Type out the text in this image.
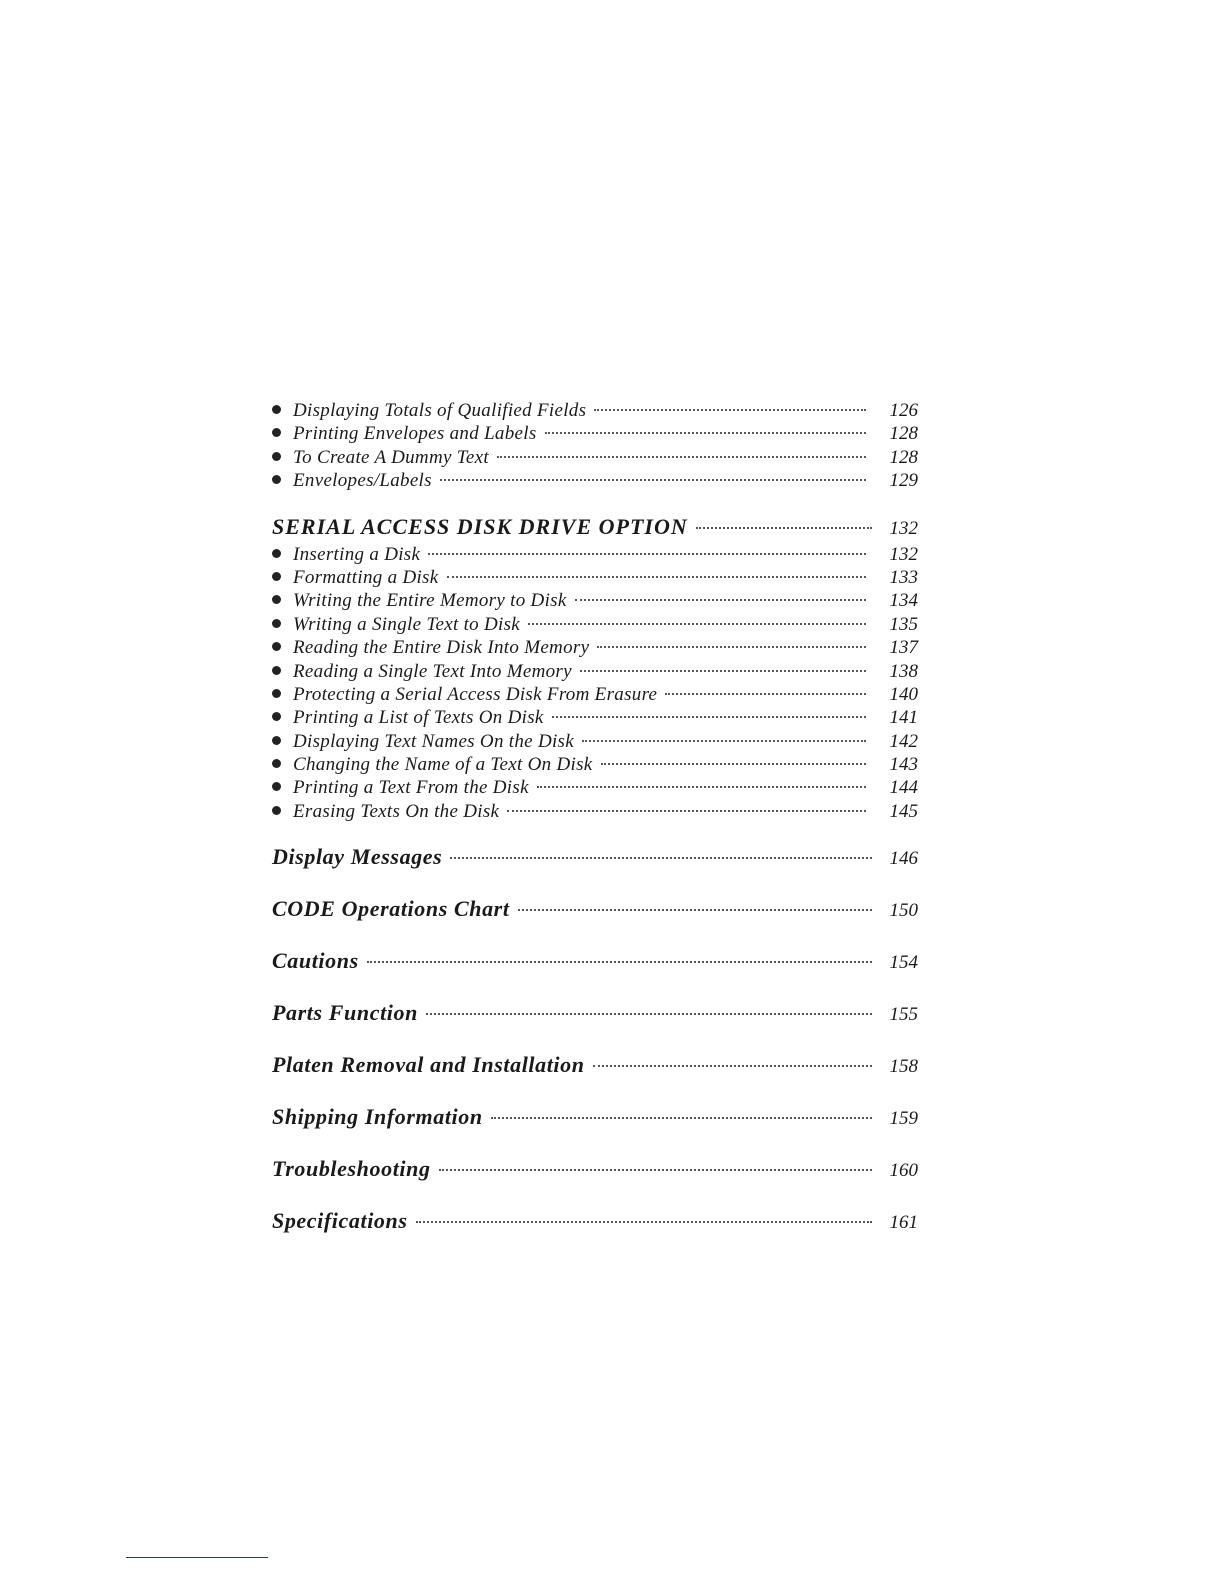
Displaying Totals of Qualified Fields	126
Printing Envelopes and Labels	128
To Create A Dummy Text	128
Envelopes/Labels	129
SERIAL ACCESS DISK DRIVE OPTION	132
Inserting a Disk	132
Formatting a Disk	133
Writing the Entire Memory to Disk	134
Writing a Single Text to Disk	135
Reading the Entire Disk Into Memory	137
Reading a Single Text Into Memory	138
Protecting a Serial Access Disk From Erasure	140
Printing a List of Texts On Disk	141
Displaying Text Names On the Disk	142
Changing the Name of a Text On Disk	143
Printing a Text From the Disk	144
Erasing Texts On the Disk	145
Display Messages	146
CODE Operations Chart	150
Cautions	154
Parts Function	155
Platen Removal and Installation	158
Shipping Information	159
Troubleshooting	160
Specifications	161
